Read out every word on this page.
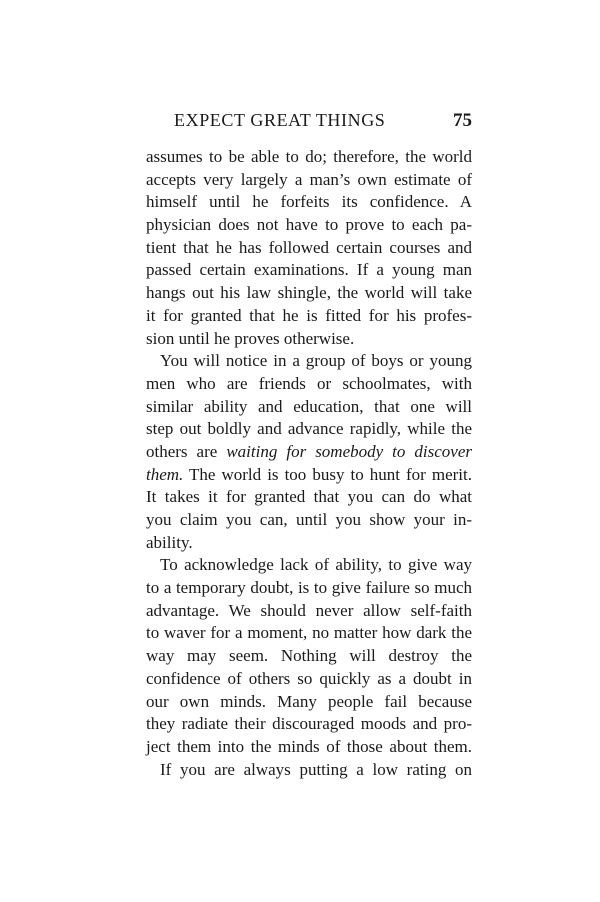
EXPECT GREAT THINGS	75
assumes to be able to do; therefore, the world
accepts very largely a man’s own estimate of
himself until he forfeits its confidence. A
physician does not have to prove to each pa-
tient that he has followed certain courses and
passed certain examinations. If a young man
hangs out his law shingle, the world will take
it for granted that he is fitted for his profes-
sion until he proves otherwise.
You will notice in a group of boys or young
men who are friends or schoolmates, with
similar ability and education, that one will
step out boldly and advance rapidly, while the
others are waiting for somebody to discover
them. The world is too busy to hunt for merit.
It takes it for granted that you can do what
you claim you can, until you show your in-
ability.
To acknowledge lack of ability, to give way
to a temporary doubt, is to give failure so much
advantage. We should never allow self-faith
to waver for a moment, no matter how dark the
way may seem. Nothing will destroy the
confidence of others so quickly as a doubt in
our own minds. Many people fail because
they radiate their discouraged moods and pro-
ject them into the minds of those about them.
If you are always putting a low rating on
